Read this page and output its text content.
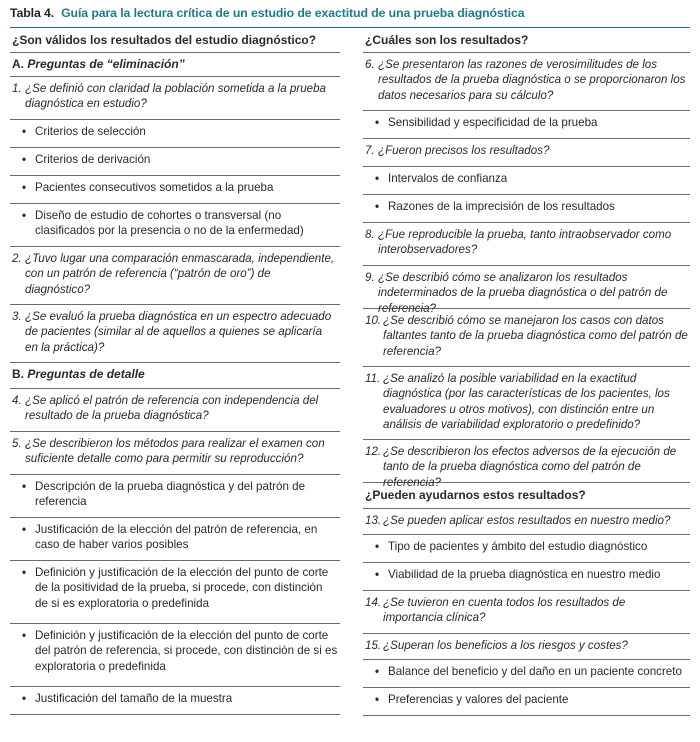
Tabla 4. Guía para la lectura crítica de un estudio de exactitud de una prueba diagnóstica
¿Son válidos los resultados del estudio diagnóstico?
A. Preguntas de “eliminación”
1. ¿Se definió con claridad la población sometida a la prueba diagnóstica en estudio?
• Criterios de selección
• Criterios de derivación
• Pacientes consecutivos sometidos a la prueba
• Diseño de estudio de cohortes o transversal (no clasificados por la presencia o no de la enfermedad)
2. ¿Tuvo lugar una comparación enmascarada, independiente, con un patrón de referencia (“patrón de oro”) de diagnóstico?
3. ¿Se evaluó la prueba diagnóstica en un espectro adecuado de pacientes (similar al de aquellos a quienes se aplicaría en la práctica)?
B. Preguntas de detalle
4. ¿Se aplicó el patrón de referencia con independencia del resultado de la prueba diagnóstica?
5. ¿Se describieron los métodos para realizar el examen con suficiente detalle como para permitir su reproducción?
• Descripción de la prueba diagnóstica y del patrón de referencia
• Justificación de la elección del patrón de referencia, en caso de haber varios posibles
• Definición y justificación de la elección del punto de corte de la positividad de la prueba, si procede, con distinción de si es exploratoria o predefinida
• Definición y justificación de la elección del punto de corte del patrón de referencia, si procede, con distinción de si es exploratoria o predefinida
• Justificación del tamaño de la muestra
¿Cuáles son los resultados?
6. ¿Se presentaron las razones de verosimilitudes de los resultados de la prueba diagnóstica o se proporcionaron los datos necesarios para su cálculo?
• Sensibilidad y especificidad de la prueba
7. ¿Fueron precisos los resultados?
• Intervalos de confianza
• Razones de la imprecisión de los resultados
8. ¿Fue reproducible la prueba, tanto intraobservador como interobservadores?
9. ¿Se describió cómo se analizaron los resultados indeterminados de la prueba diagnóstica o del patrón de referencia?
10. ¿Se describió cómo se manejaron los casos con datos faltantes tanto de la prueba diagnóstica como del patrón de referencia?
11. ¿Se analizó la posible variabilidad en la exactitud diagnóstica (por las características de los pacientes, los evaluadores u otros motivos), con distinción entre un análisis de variabilidad exploratorio o predefinido?
12. ¿Se describieron los efectos adversos de la ejecución de tanto de la prueba diagnóstica como del patrón de referencia?
¿Pueden ayudarnos estos resultados?
13. ¿Se pueden aplicar estos resultados en nuestro medio?
• Tipo de pacientes y ámbito del estudio diagnóstico
• Viabilidad de la prueba diagnóstica en nuestro medio
14. ¿Se tuvieron en cuenta todos los resultados de importancia clínica?
15. ¿Superan los beneficios a los riesgos y costes?
• Balance del beneficio y del daño en un paciente concreto
• Preferencias y valores del paciente
